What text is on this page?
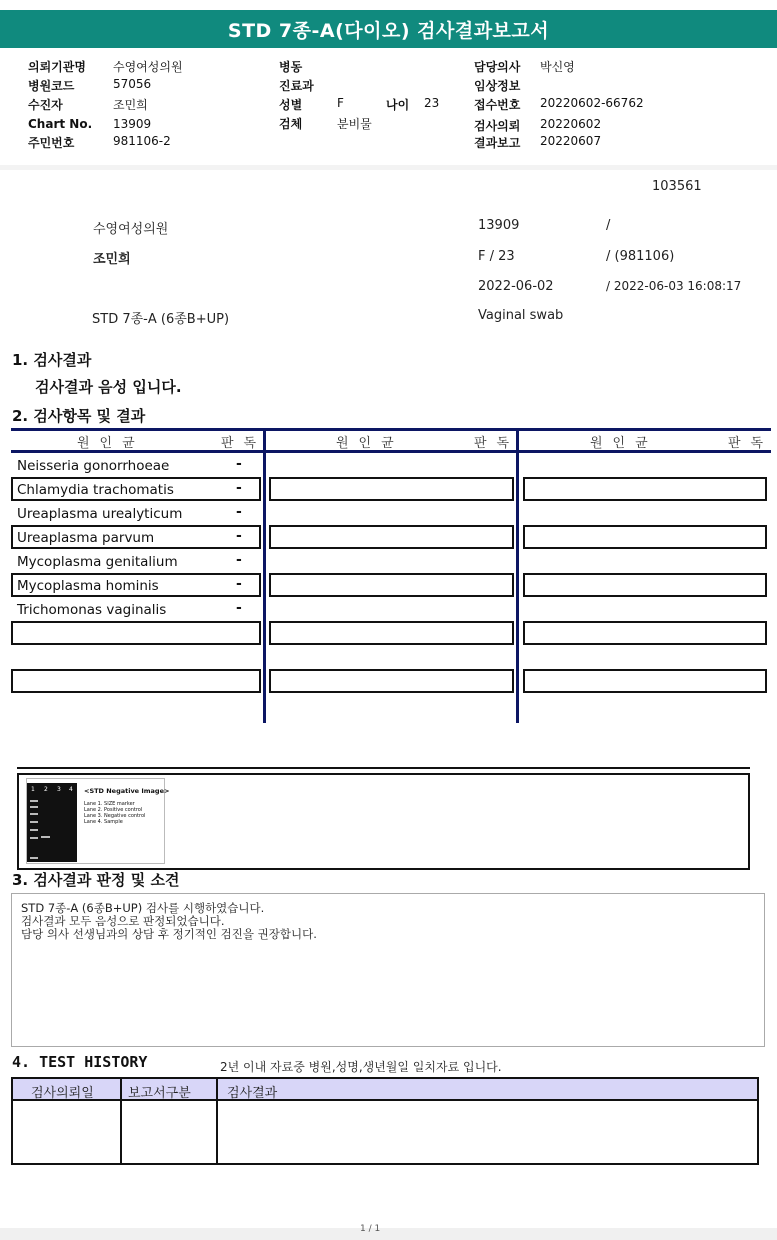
STD 7종-A(다이오) 검사결과보고서
의뢰기관명 수영여성의원
병원코드	57056
수진자	조민희
Chart No. 13909
주민번호	981106-2
병동
진료과
성별	F	나이 23
검체	분비물
담당의사 박신영
임상정보
접수번호 20220602-66762
검사의뢰 20220602
결과보고 20220607
103561
수영여성의원	13909	/
조민희	F / 23	/ (981106)
2022-06-02	/ 2022-06-03 16:08:17
STD 7종-A (6종B+UP)	Vaginal swab
1. 검사결과
검사결과 음성 입니다.
2. 검사항목 및 결과
원인균	판독	원인균	판독	원인균	판독
Neisseria gonorrhoeae	-
Chlamydia trachomatis	-
Ureaplasma urealyticum	-
Ureaplasma parvum	-
Mycoplasma genitalium	-
Mycoplasma hominis	-
Trichomonas vaginalis	-
1 2 3 4 <STD Negative Image>
Lane 1. SIZE marker
Lane 2. Positive control
Lane 3. Negative control
Lane 4. Sample
3. 검사결과 판정 및 소견
STD 7종-A (6종B+UP) 검사를 시행하였습니다.
검사결과 모두 음성으로 판정되었습니다.
담당 의사 선생님과의 상담 후 정기적인 검진을 권장합니다.
4. TEST HISTORY	2년 이내 자료중 병원,성명,생년월일 일치자료 입니다.
검사의뢰일	보고서구분	검사결과
1 / 1
